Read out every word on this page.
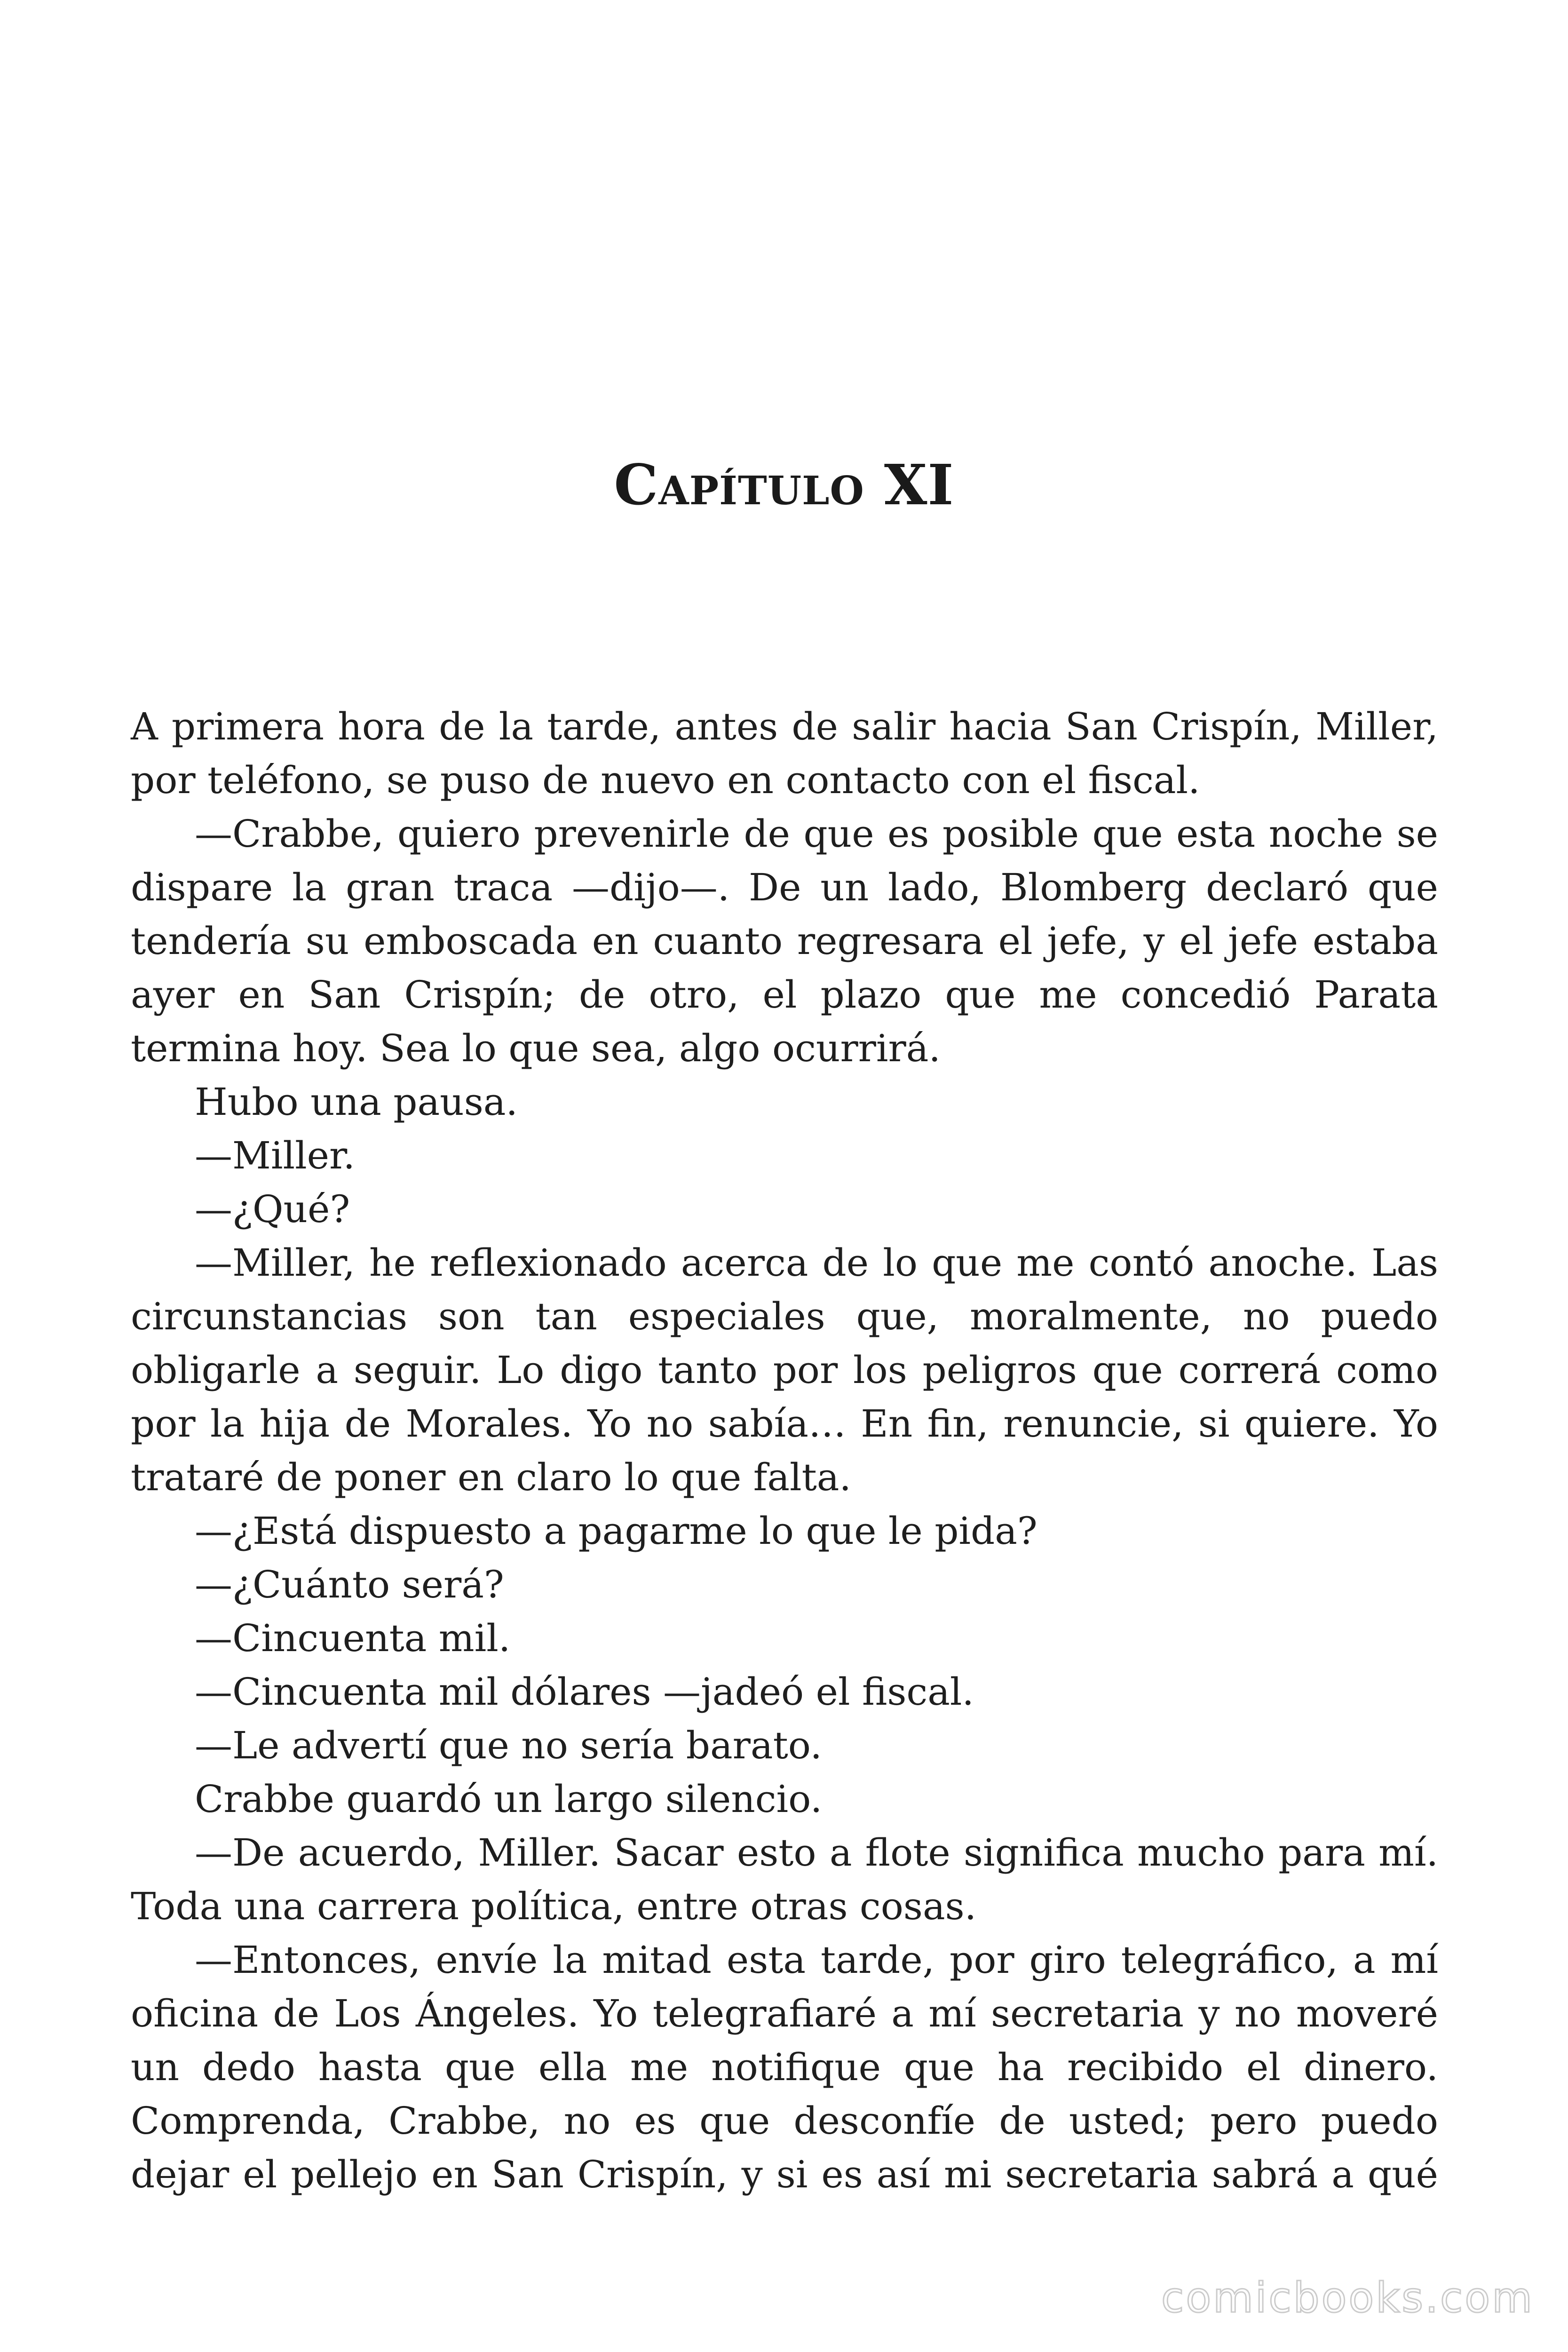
Capítulo XI

A primera hora de la tarde, antes de salir hacia San Crispín, Miller, por teléfono, se puso de nuevo en contacto con el fiscal.

—Crabbe, quiero prevenirle de que es posible que esta noche se dispare la gran traca —dijo—. De un lado, Blomberg declaró que tendería su emboscada en cuanto regresara el jefe, y el jefe estaba ayer en San Crispín; de otro, el plazo que me concedió Parata termina hoy. Sea lo que sea, algo ocurrirá.

Hubo una pausa.

—Miller.

—¿Qué?

—Miller, he reflexionado acerca de lo que me contó anoche. Las circunstancias son tan especiales que, moralmente, no puedo obligarle a seguir. Lo digo tanto por los peligros que correrá como por la hija de Morales. Yo no sabía… En fin, renuncie, si quiere. Yo trataré de poner en claro lo que falta.

—¿Está dispuesto a pagarme lo que le pida?

—¿Cuánto será?

—Cincuenta mil.

—Cincuenta mil dólares —jadeó el fiscal.

—Le advertí que no sería barato.

Crabbe guardó un largo silencio.

—De acuerdo, Miller. Sacar esto a flote significa mucho para mí. Toda una carrera política, entre otras cosas.

—Entonces, envíe la mitad esta tarde, por giro telegráfico, a mí oficina de Los Ángeles. Yo telegrafiaré a mí secretaria y no moveré un dedo hasta que ella me notifique que ha recibido el dinero. Comprenda, Crabbe, no es que desconfíe de usted; pero puedo dejar el pellejo en San Crispín, y si es así mi secretaria sabrá a qué

comicbooks.com
